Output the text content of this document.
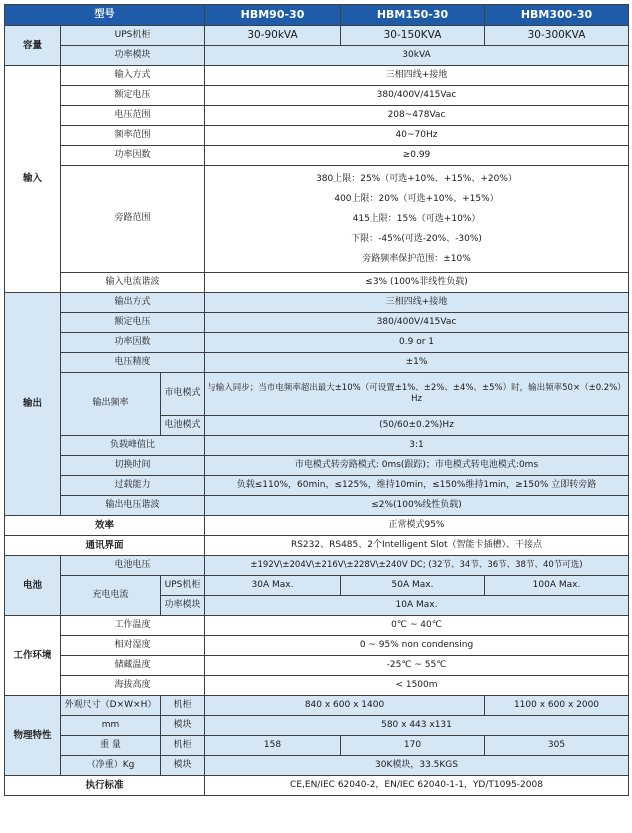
型号			HBM90-30	HBM150-30	HBM300-30
容量	UPS机柜		30-90kVA	30-150KVA	30-300KVA
	功率模块		30kVA		
输入	输入方式		三相四线+接地		
	额定电压		380/400V/415Vac		
	电压范围		208~478Vac		
	频率范围		40~70Hz		
	功率因数		≥0.99		
	旁路范围		380上限：25%（可选+10%、+15%、+20%）
400上限：20%（可选+10%、+15%）
415上限：15%（可选+10%）
下限：-45%(可选-20%、-30%)
旁路频率保护范围：±10%		

	输入电流谐波		≤3% (100%非线性负载)		
输出	输出方式		三相四线+接地		
	额定电压		380/400V/415Vac		
	功率因数		0.9 or 1		
	电压精度		±1%		
	输出频率	市电模式	与输入同步；当市电频率超出最大±10%（可设置±1%、±2%、±4%、±5%）时，输出频率50×（±0.2%）Hz		
		电池模式	(50/60±0.2%)Hz		
	负载峰值比		3:1		
	切换时间		市电模式转旁路模式: 0ms(跟踪)；市电模式转电池模式:0ms		
	过载能力		负载≤110%，60min，≤125%，维持10min，≤150%维持1min，≥150% 立即转旁路		
	输出电压谐波		≤2%(100%线性负载)		
效率			正常模式95%		
通讯界面			RS232、RS485、2个Intelligent Slot（智能卡插槽）、干接点		
电池	电池电压		±192V\±204V\±216V\±228V\±240V DC; (32节、34节、36节、38节、40节可选)		
	充电电流	UPS机柜	30A Max.	50A Max.	100A Max.
		功率模块	10A Max.		
工作环境	工作温度		0℃ ~ 40℃		
	相对湿度		0 ~ 95% non condensing		
	储藏温度		-25℃ ~ 55℃		
	海拔高度		< 1500m		
物理特性	外观尺寸（D×W×H）	机柜	840 x 600 x 1400		1100 x 600 x 2000
	mm	模块	580 x 443 x131		
	重 量	机柜	158	170	305
	（净重）Kg	模块	30K模块，33.5KGS		
执行标准			CE,EN/IEC 62040-2，EN/IEC 62040-1-1，YD/T1095-2008		
